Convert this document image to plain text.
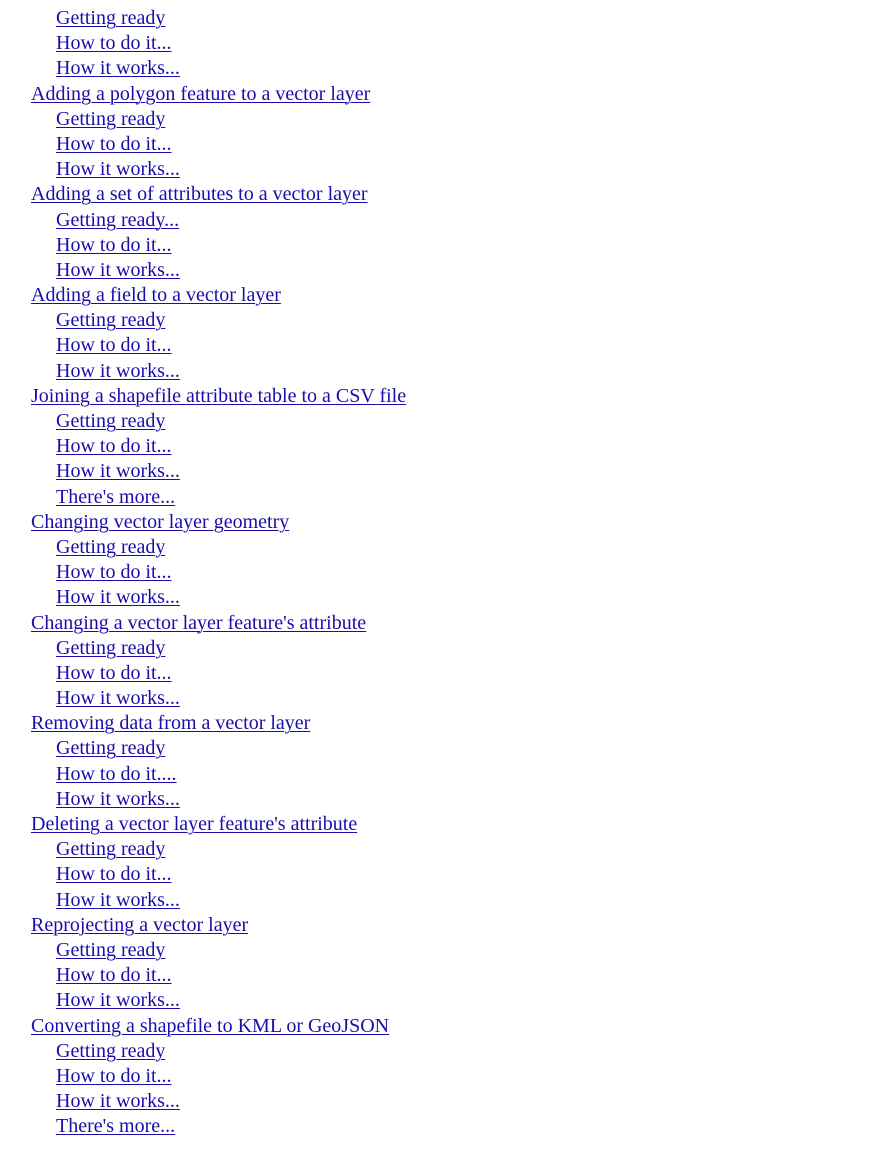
Getting ready
How to do it...
How it works...
Adding a polygon feature to a vector layer
Getting ready
How to do it...
How it works...
Adding a set of attributes to a vector layer
Getting ready...
How to do it...
How it works...
Adding a field to a vector layer
Getting ready
How to do it...
How it works...
Joining a shapefile attribute table to a CSV file
Getting ready
How to do it...
How it works...
There's more...
Changing vector layer geometry
Getting ready
How to do it...
How it works...
Changing a vector layer feature's attribute
Getting ready
How to do it...
How it works...
Removing data from a vector layer
Getting ready
How to do it....
How it works...
Deleting a vector layer feature's attribute
Getting ready
How to do it...
How it works...
Reprojecting a vector layer
Getting ready
How to do it...
How it works...
Converting a shapefile to KML or GeoJSON
Getting ready
How to do it...
How it works...
There's more...
